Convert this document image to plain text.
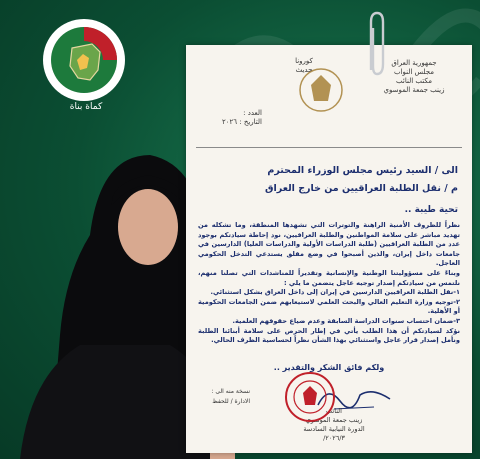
كماة بناة
جمهورية العراق
مجلس النواب
مكتب النائب
زينب جمعة الموسوي
كورونا
حديث
العدد :
التاريخ : ٢٠٢٦
الى / السيد رئيس مجلس الوزراء المحترم
م / نقل الطلبة العراقيين من خارج العراق
تحية طيبة ..
نظراً للظروف الأمنية الراهنة والتوترات التي تشهدها المنطقة، وما تشكله من تهديد مباشر على سلامة المواطنين والطلبة العراقيين، نود إحاطة سيادتكم بوجود عدد من الطلبة العراقيين (طلبة الدراسات الأولية والدراسات العليا) الدارسين في جامعات داخل إيران، والذين أصبحوا في وضع مقلق يستدعي التدخل الحكومي العاجل.
وبناءً على مسؤوليتنا الوطنية والإنسانية وتقديراً للمناشدات التي تصلنا منهم، نلتمس من سيادتكم إصدار توجيه عاجل يتضمن ما يلي :
١-نقل الطلبة العراقيين الدارسين في إيران إلى داخل العراق بشكل استثنائي.
٢-توجيه وزارة التعليم العالي والبحث العلمي لاستيعابهم ضمن الجامعات الحكومية أو الأهلية.
٣-ضمان احتساب سنوات الدراسة السابقة وعدم ضياع حقوقهم العلمية.
نؤكد لسيادتكم أن هذا الطلب يأتي في إطار الحرص على سلامة أبنائنا الطلبة ونأمل إصدار قرار عاجل واستثنائي بهذا الشأن نظراً لحساسية الظرف الحالي.
ولكم فائق الشكر والتقدير ..
النائب
زينب جمعة الموسوي
الدورة النيابية السادسة
٢٠٢٦/٣/
نسخة منه الى :
الادارة / للحفظ
